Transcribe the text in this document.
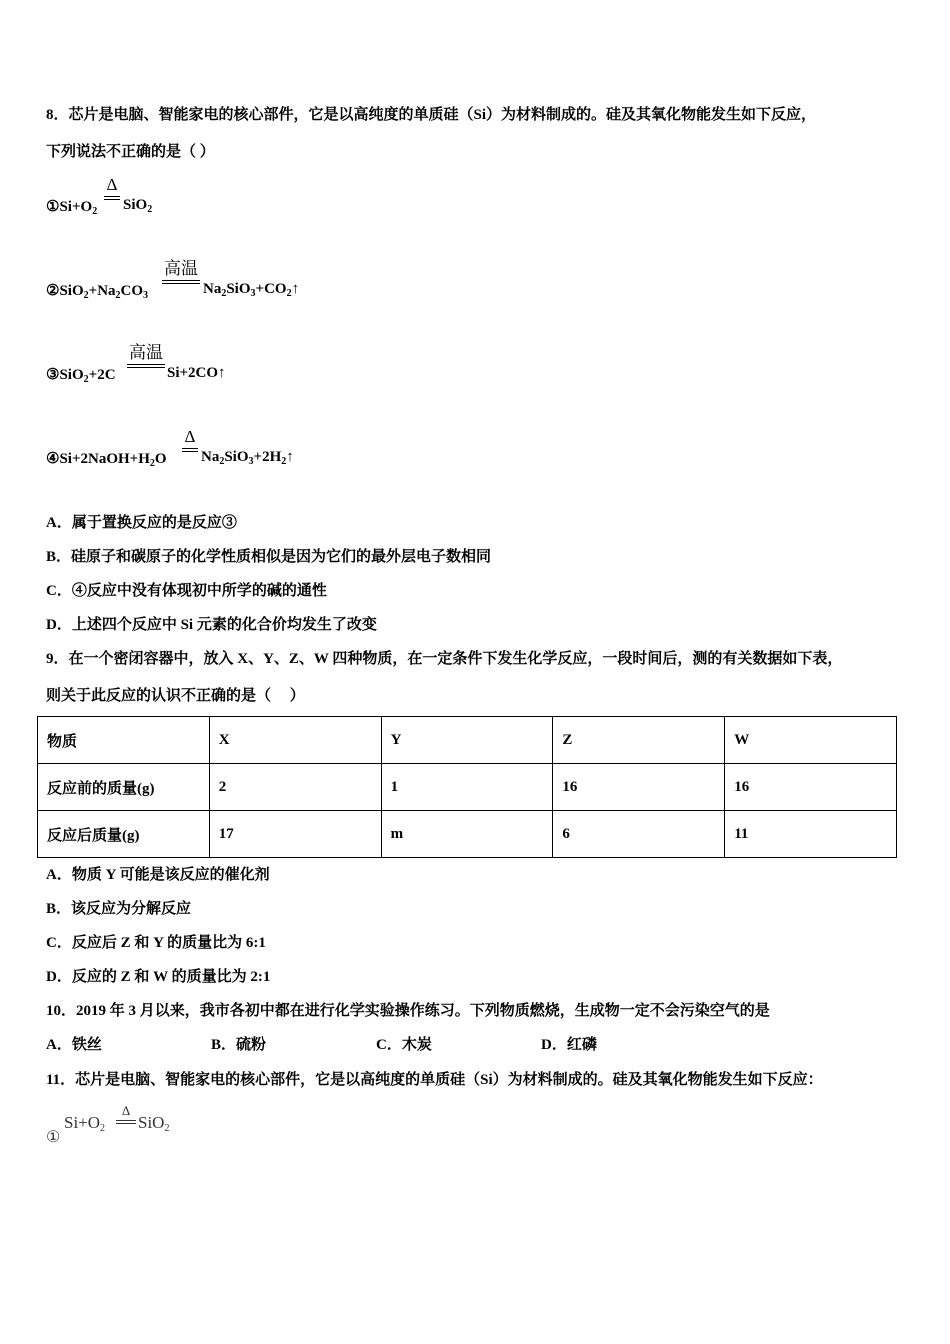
8．芯片是电脑、智能家电的核心部件，它是以高纯度的单质硅（Si）为材料制成的。硅及其氧化物能发生如下反应，
下列说法不正确的是（ ）
$①Si+O_2$
Δ
SiO$_2$
$②SiO_2+Na_2CO_3$
高温
$Na_2SiO_3+CO_2↑$
③SiO$_2$+2C
高温
Si+2CO↑
$④Si+2NaOH+H_2O$
Δ
$Na_2SiO_3+2H_2↑$
A．属于置换反应的是反应③
B．硅原子和碳原子的化学性质相似是因为它们的最外层电子数相同
C．④反应中没有体现初中所学的碱的通性
D．上述四个反应中 Si 元素的化合价均发生了改变
9．在一个密闭容器中，放入 X、Y、Z、W 四种物质，在一定条件下发生化学反应，一段时间后，测的有关数据如下表，
则关于此反应的认识不正确的是（　 ）
物质	X	Y	Z	W
反应前的质量(g)	2	1	16	16
反应后质量(g)	17	m	6	11
A．物质 Y 可能是该反应的催化剂
B．该反应为分解反应
C．反应后 Z 和 Y 的质量比为 6:1
D．反应的 Z 和 W 的质量比为 2:1
10．2019 年 3 月以来，我市各初中都在进行化学实验操作练习。下列物质燃烧，生成物一定不会污染空气的是
A．铁丝	B．硫粉	C．木炭	D．红磷
11．芯片是电脑、智能家电的核心部件，它是以高纯度的单质硅（Si）为材料制成的。硅及其氧化物能发生如下反应：
①
$Si+O_2$
Δ
SiO$_2$
